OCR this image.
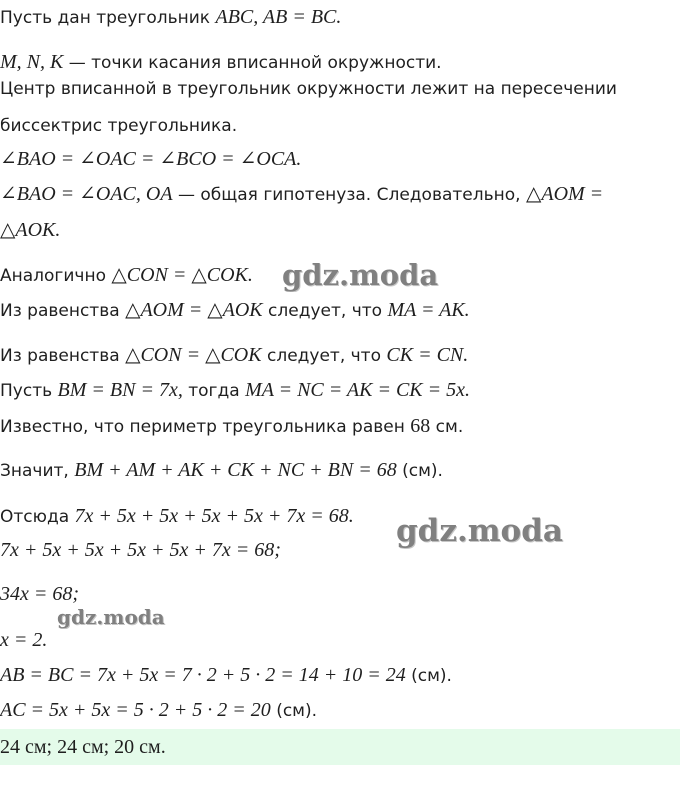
Пусть дан треугольник ABC, AB = BC.
M, N, K — точки касания вписанной окружности.
Центр вписанной в треугольник окружности лежит на пересечении
биссектрис треугольника.
∠BAO = ∠OAC = ∠BCO = ∠OCA.
∠BAO = ∠OAC, OA — общая гипотенуза. Следовательно, △AOM =
△AOK.
Аналогично △CON = △COK.
Из равенства △AOM = △AOK следует, что MA = AK.
Из равенства △CON = △COK следует, что CK = CN.
Пусть BM = BN = 7x, тогда MA = NC = AK = CK = 5x.
Известно, что периметр треугольника равен 68 см.
Значит, BM + AM + AK + CK + NC + BN = 68 (см).
Отсюда 7x + 5x + 5x + 5x + 5x + 7x = 68.
7x + 5x + 5x + 5x + 5x + 7x = 68;
34x = 68;
x = 2.
AB = BC = 7x + 5x = 7 · 2 + 5 · 2 = 14 + 10 = 24 (см).
AC = 5x + 5x = 5 · 2 + 5 · 2 = 20 (см).
24 см; 24 см; 20 см.
gdz.moda
gdz.moda
gdz.moda
